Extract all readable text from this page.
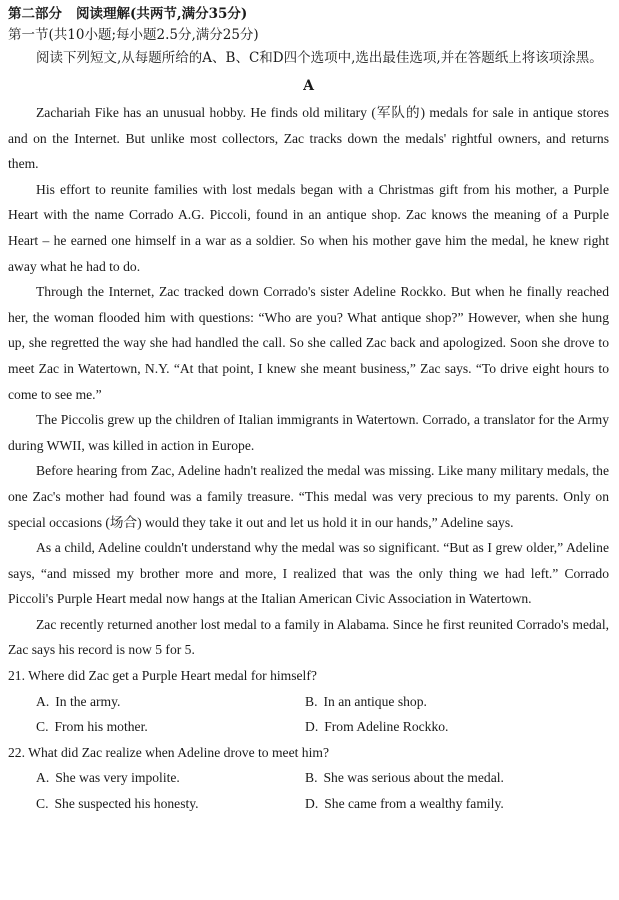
第二部分 阅读理解(共两节,满分35分)
第一节(共10小题;每小题2.5分,满分25分)

阅读下列短文,从每题所给的A、B、C和D四个选项中,选出最佳选项,并在答题纸上将该项涂黑。

A

Zachariah Fike has an unusual hobby. He finds old military (军队的) medals for sale in antique stores and on the Internet. But unlike most collectors, Zac tracks down the medals' rightful owners, and returns them.

His effort to reunite families with lost medals began with a Christmas gift from his mother, a Purple Heart with the name Corrado A.G. Piccoli, found in an antique shop. Zac knows the meaning of a Purple Heart – he earned one himself in a war as a soldier. So when his mother gave him the medal, he knew right away what he had to do.

Through the Internet, Zac tracked down Corrado's sister Adeline Rockko. But when he finally reached her, the woman flooded him with questions: “Who are you? What antique shop?” However, when she hung up, she regretted the way she had handled the call. So she called Zac back and apologized. Soon she drove to meet Zac in Watertown, N.Y. “At that point, I knew she meant business,” Zac says. “To drive eight hours to come to see me.”

The Piccolis grew up the children of Italian immigrants in Watertown. Corrado, a translator for the Army during WWII, was killed in action in Europe.

Before hearing from Zac, Adeline hadn't realized the medal was missing. Like many military medals, the one Zac's mother had found was a family treasure. “This medal was very precious to my parents. Only on special occasions (场合) would they take it out and let us hold it in our hands,” Adeline says.

As a child, Adeline couldn't understand why the medal was so significant. “But as I grew older,” Adeline says, “and missed my brother more and more, I realized that was the only thing we had left.” Corrado Piccoli's Purple Heart medal now hangs at the Italian American Civic Association in Watertown.

Zac recently returned another lost medal to a family in Alabama. Since he first reunited Corrado's medal, Zac says his record is now 5 for 5.

21. Where did Zac get a Purple Heart medal for himself?

A. In the army.	B. In an antique shop.
C. From his mother.	D. From Adeline Rockko.

22. What did Zac realize when Adeline drove to meet him?

A. She was very impolite.	B. She was serious about the medal.
C. She suspected his honesty.	D. She came from a wealthy family.
